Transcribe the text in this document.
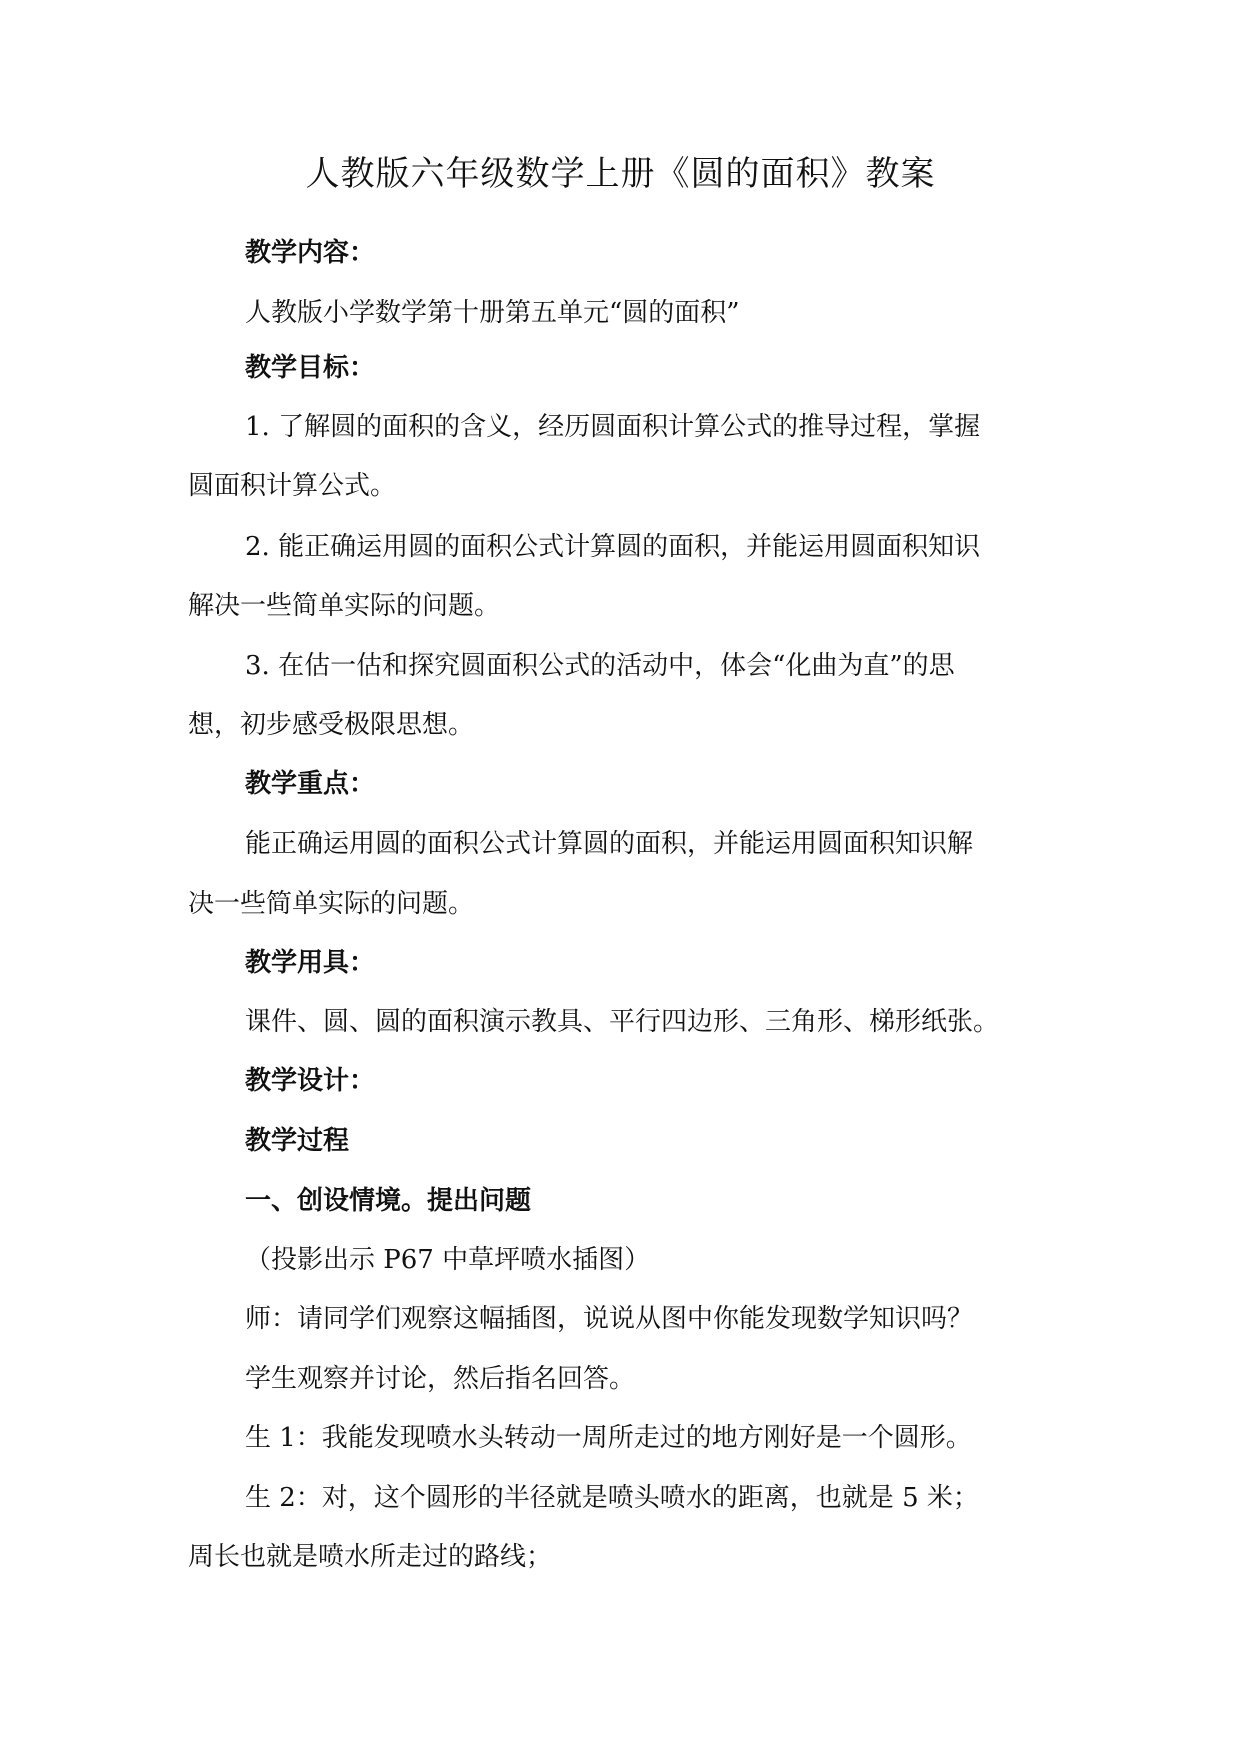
人教版六年级数学上册《圆的面积》教案
教学内容：
人教版小学数学第十册第五单元“圆的面积”
教学目标：
1. 了解圆的面积的含义，经历圆面积计算公式的推导过程，掌握
圆面积计算公式。
2. 能正确运用圆的面积公式计算圆的面积，并能运用圆面积知识
解决一些简单实际的问题。
3. 在估一估和探究圆面积公式的活动中，体会“化曲为直”的思
想，初步感受极限思想。
教学重点：
能正确运用圆的面积公式计算圆的面积，并能运用圆面积知识解
决一些简单实际的问题。
教学用具：
课件、圆、圆的面积演示教具、平行四边形、三角形、梯形纸张。
教学设计：
教学过程
一、创设情境。提出问题
（投影出示 P67 中草坪喷水插图）
师：请同学们观察这幅插图，说说从图中你能发现数学知识吗？
学生观察并讨论，然后指名回答。
生 1：我能发现喷水头转动一周所走过的地方刚好是一个圆形。
生 2：对，这个圆形的半径就是喷头喷水的距离，也就是 5 米；
周长也就是喷水所走过的路线；
